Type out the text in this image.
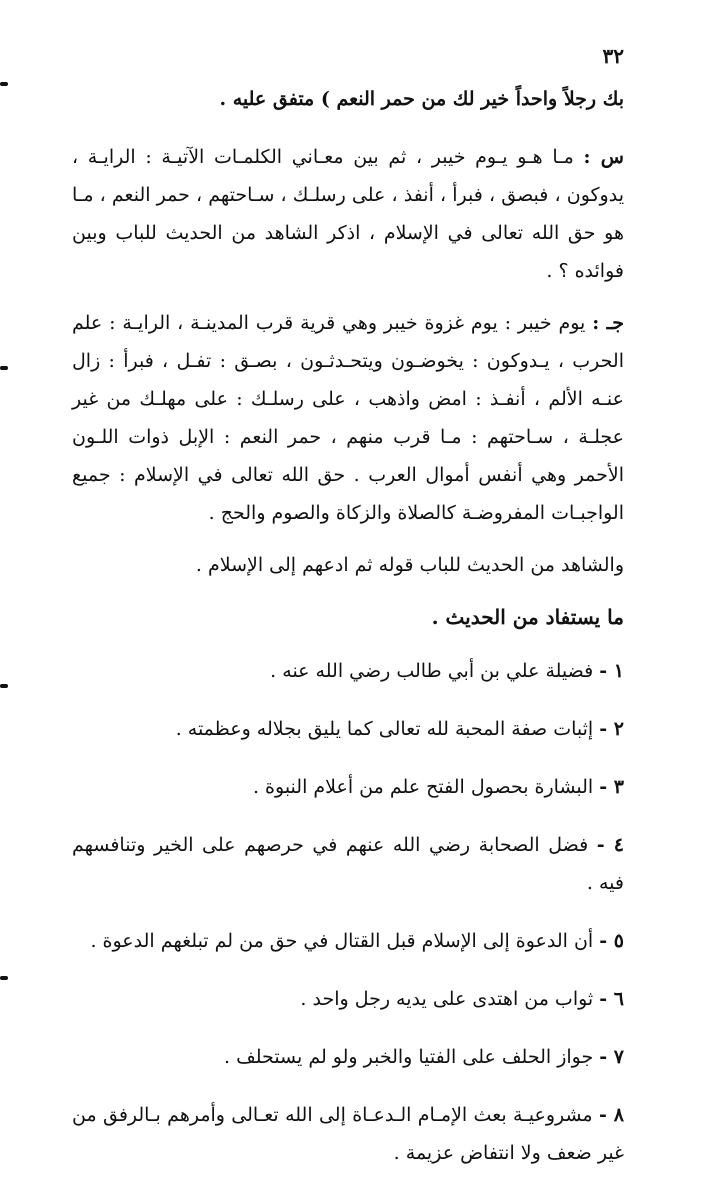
٣٢

بك رجلاً واحداً خير لك من حمر النعم ) متفق عليه .

س : مـا هـو يـوم خيبر ، ثم بين معـاني الكلمـات الآتيـة : الرايـة ، يدوكون ، فبصق ، فبرأ ، أنفذ ، على رسلـك ، سـاحتهم ، حمر النعم ، مـا هو حق الله تعالى في الإسلام ، اذكر الشاهد من الحديث للباب وبين فوائده ؟ .

جـ : يوم خيبر : يوم غزوة خيبر وهي قرية قرب المدينـة ، الرايـة : علم الحرب ، يـدوكون : يخوضـون ويتحـدثـون ، بصـق : تفـل ، فبرأ : زال عنـه الألم ، أنفـذ : امض واذهب ، على رسلـك : على مهلـك من غير عجلـة ، سـاحتهم : مـا قرب منهم ، حمر النعم : الإبل ذوات اللـون الأحمر وهي أنفس أموال العرب . حق الله تعالى في الإسلام : جميع الواجبـات المفروضـة كالصلاة والزكاة والصوم والحج .

والشاهد من الحديث للباب قوله ثم ادعهم إلى الإسلام .

ما يستفاد من الحديث .

١ - فضيلة علي بن أبي طالب رضي الله عنه .

٢ - إثبات صفة المحبة لله تعالى كما يليق بجلاله وعظمته .

٣ - البشارة بحصول الفتح علم من أعلام النبوة .

٤ - فضل الصحابة رضي الله عنهم في حرصهم على الخير وتنافسهم فيه .

٥ - أن الدعوة إلى الإسلام قبل القتال في حق من لم تبلغهم الدعوة .

٦ - ثواب من اهتدى على يديه رجل واحد .

٧ - جواز الحلف على الفتيا والخبر ولو لم يستحلف .

٨ - مشروعيـة بعث الإمـام الـدعـاة إلى الله تعـالى وأمرهم بـالرفق من غير ضعف ولا انتفاض عزيمة .
